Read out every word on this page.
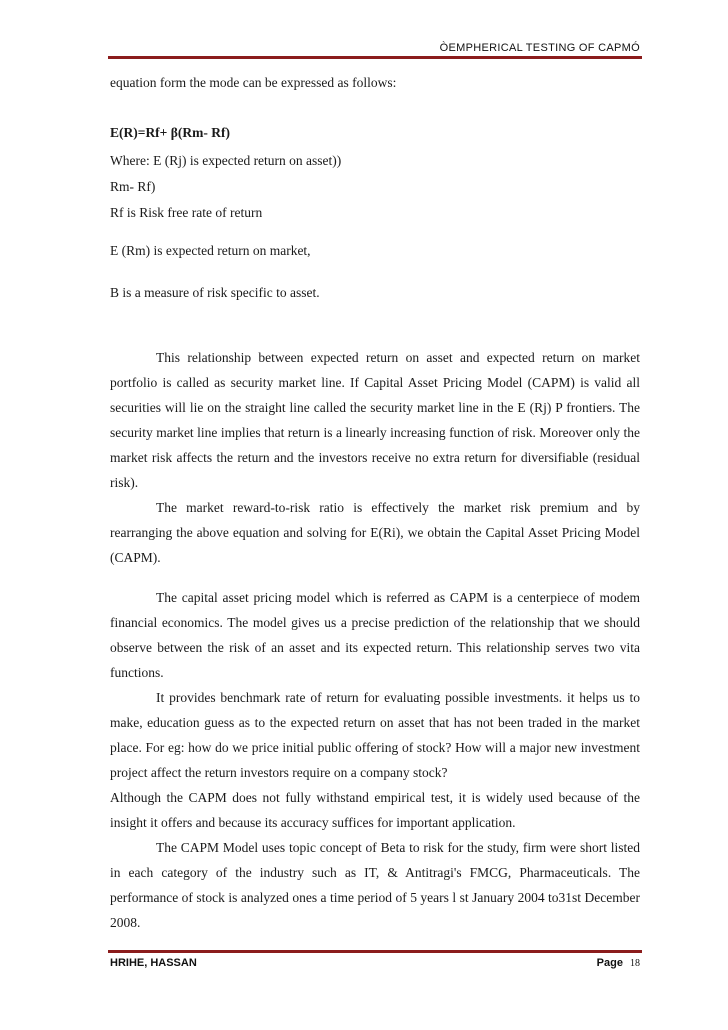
ÒEMPHERICAL TESTING OF CAPMÓ
equation form the mode can be expressed as follows:
E(R)=Rf+ β(Rm- Rf)
Where: E (Rj) is expected return on asset))
Rm- Rf)
Rf is Risk free rate of return
E (Rm) is expected return on market,
B is a measure of risk specific to asset.

This relationship between expected return on asset and expected return on market portfolio is called as security market line. If Capital Asset Pricing Model (CAPM) is valid all securities will lie on the straight line called the security market line in the E (Rj) P frontiers. The security market line implies that return is a linearly increasing function of risk. Moreover only the market risk affects the return and the investors receive no extra return for diversifiable (residual risk).

The market reward-to-risk ratio is effectively the market risk premium and by rearranging the above equation and solving for E(Ri), we obtain the Capital Asset Pricing Model (CAPM).

The capital asset pricing model which is referred as CAPM is a centerpiece of modem financial economics. The model gives us a precise prediction of the relationship that we should observe between the risk of an asset and its expected return. This relationship serves two vita functions.

It provides benchmark rate of return for evaluating possible investments. it helps us to make, education guess as to the expected return on asset that has not been traded in the market place. For eg: how do we price initial public offering of stock? How will a major new investment project affect the return investors require on a company stock?

Although the CAPM does not fully withstand empirical test, it is widely used because of the insight it offers and because its accuracy suffices for important application.

The CAPM Model uses topic concept of Beta to risk for the study, firm were short listed in each category of the industry such as IT, & Antitragi's FMCG, Pharmaceuticals. The performance of stock is analyzed ones a time period of 5 years l st January 2004 to31st December 2008.

HRIHE, HASSAN	Page 18
